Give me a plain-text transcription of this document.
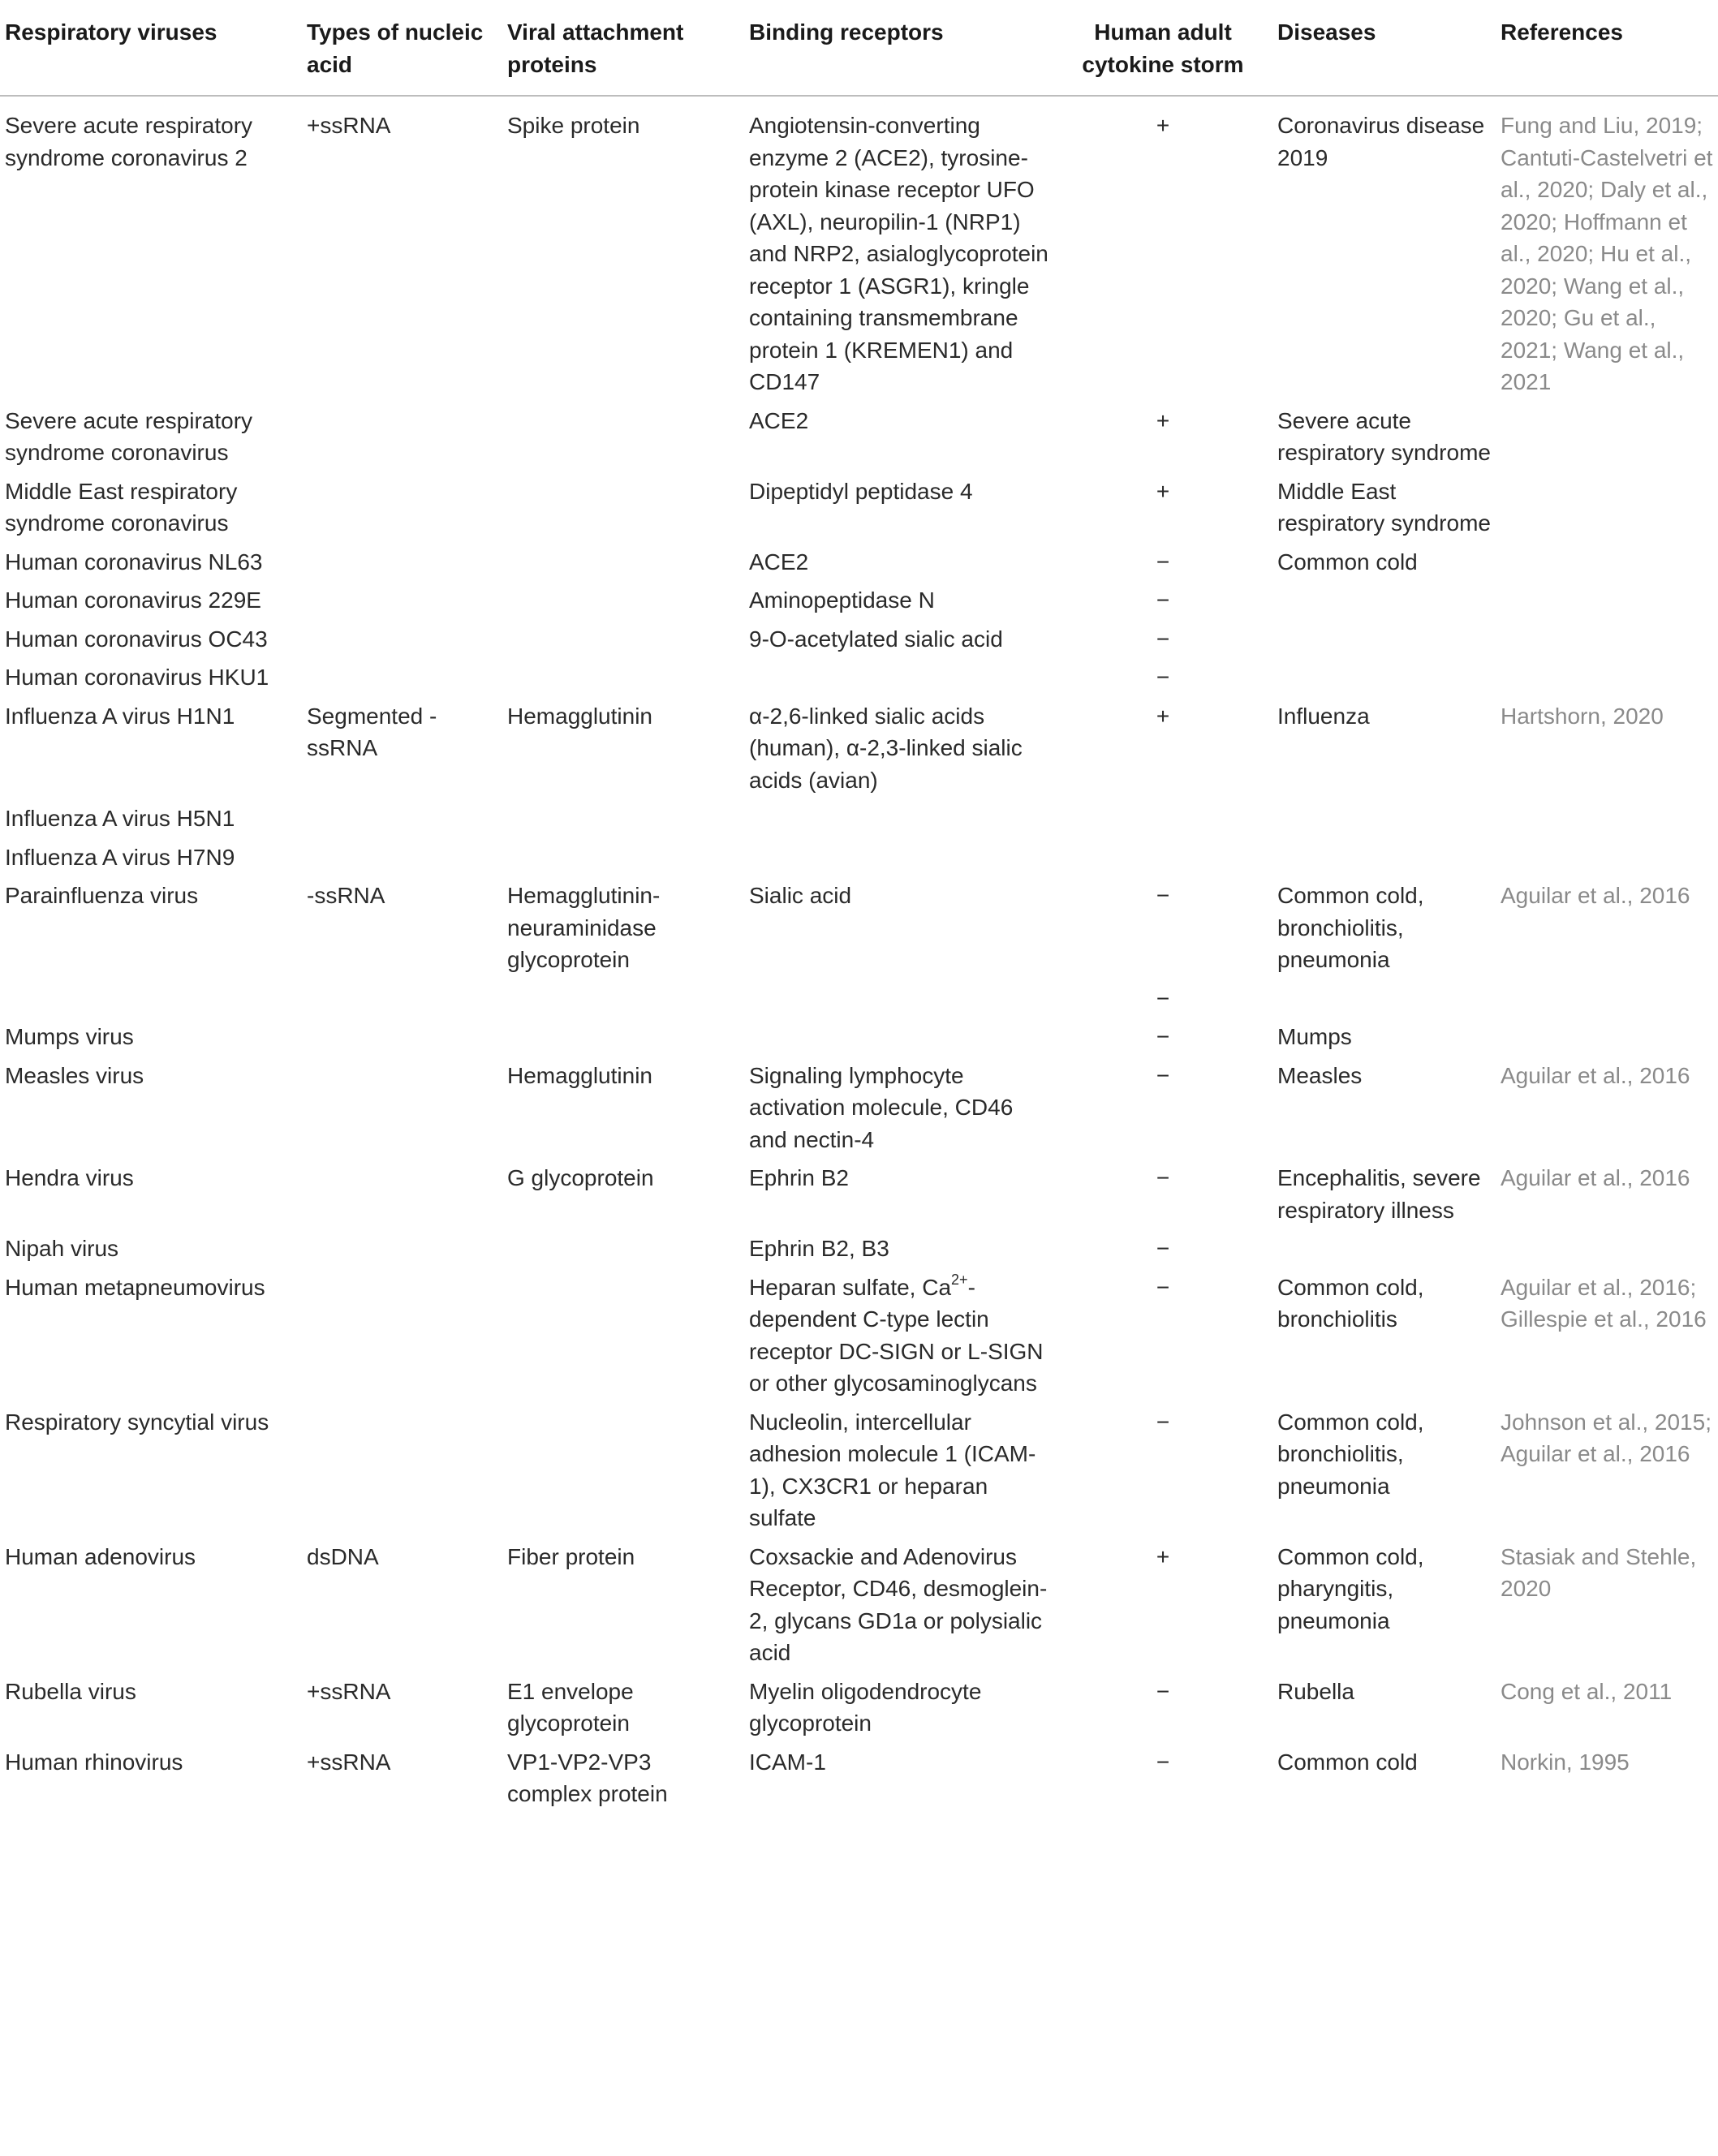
Respiratory viruses	Types of nucleic acid	Viral attachment proteins	Binding receptors	Human adult cytokine storm	Diseases	References
Severe acute respiratory syndrome coronavirus 2	+ssRNA	Spike protein	Angiotensin-converting enzyme 2 (ACE2), tyrosine-protein kinase receptor UFO (AXL), neuropilin-1 (NRP1) and NRP2, asialoglycoprotein receptor 1 (ASGR1), kringle containing transmembrane protein 1 (KREMEN1) and CD147	+	Coronavirus disease 2019	Fung and Liu, 2019; Cantuti-Castelvetri et al., 2020; Daly et al., 2020; Hoffmann et al., 2020; Hu et al., 2020; Wang et al., 2020; Gu et al., 2021; Wang et al., 2021
Severe acute respiratory syndrome coronavirus			ACE2	+	Severe acute respiratory syndrome	
Middle East respiratory syndrome coronavirus			Dipeptidyl peptidase 4	+	Middle East respiratory syndrome	
Human coronavirus NL63			ACE2	−	Common cold	
Human coronavirus 229E			Aminopeptidase N	−		
Human coronavirus OC43			9-O-acetylated sialic acid	−		
Human coronavirus HKU1				−		
Influenza A virus H1N1	Segmented -ssRNA	Hemagglutinin	α-2,6-linked sialic acids (human), α-2,3-linked sialic acids (avian)	+	Influenza	Hartshorn, 2020
Influenza A virus H5N1						
Influenza A virus H7N9						
Parainfluenza virus	-ssRNA	Hemagglutinin-neuraminidase glycoprotein	Sialic acid	−	Common cold, bronchiolitis, pneumonia	Aguilar et al., 2016
				−		
Mumps virus				−	Mumps	
Measles virus		Hemagglutinin	Signaling lymphocyte activation molecule, CD46 and nectin-4	−	Measles	Aguilar et al., 2016
Hendra virus		G glycoprotein	Ephrin B2	−	Encephalitis, severe respiratory illness	Aguilar et al., 2016
Nipah virus			Ephrin B2, B3	−		
Human metapneumovirus			Heparan sulfate, $Ca^{2+}$-dependent C-type lectin receptor DC-SIGN or L-SIGN or other glycosaminoglycans	−	Common cold, bronchiolitis	Aguilar et al., 2016; Gillespie et al., 2016
Respiratory syncytial virus			Nucleolin, intercellular adhesion molecule 1 (ICAM-1), CX3CR1 or heparan sulfate	−	Common cold, bronchiolitis, pneumonia	Johnson et al., 2015; Aguilar et al., 2016
Human adenovirus	dsDNA	Fiber protein	Coxsackie and Adenovirus Receptor, CD46, desmoglein-2, glycans GD1a or polysialic acid	+	Common cold, pharyngitis, pneumonia	Stasiak and Stehle, 2020
Rubella virus	+ssRNA	E1 envelope glycoprotein	Myelin oligodendrocyte glycoprotein	−	Rubella	Cong et al., 2011
Human rhinovirus	+ssRNA	VP1-VP2-VP3 complex protein	ICAM-1	−	Common cold	Norkin, 1995
